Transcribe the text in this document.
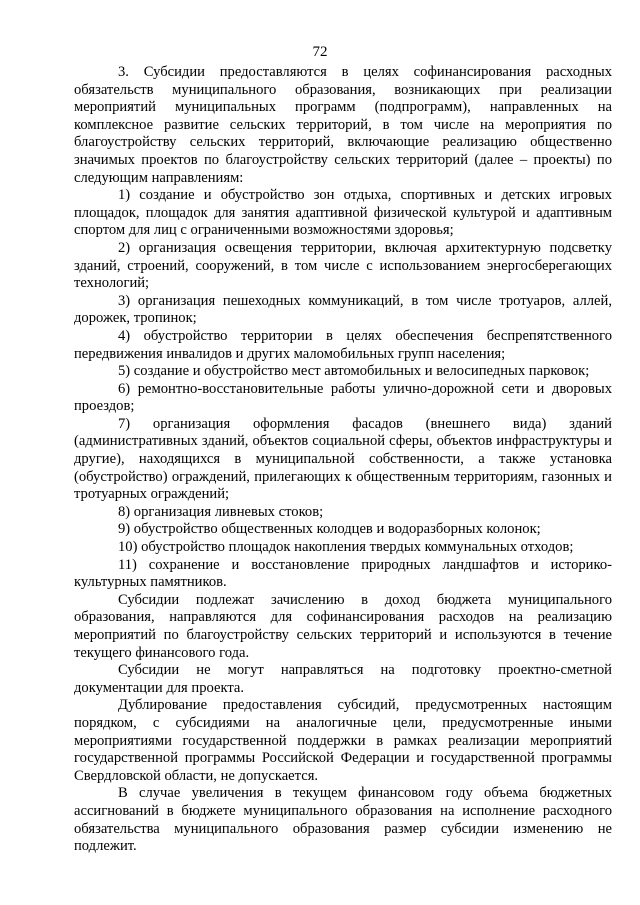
72

3. Субсидии предоставляются в целях софинансирования расходных обязательств муниципального образования, возникающих при реализации мероприятий муниципальных программ (подпрограмм), направленных на комплексное развитие сельских территорий, в том числе на мероприятия по благоустройству сельских территорий, включающие реализацию общественно значимых проектов по благоустройству сельских территорий (далее – проекты) по следующим направлениям:

1) создание и обустройство зон отдыха, спортивных и детских игровых площадок, площадок для занятия адаптивной физической культурой и адаптивным спортом для лиц с ограниченными возможностями здоровья;

2) организация освещения территории, включая архитектурную подсветку зданий, строений, сооружений, в том числе с использованием энергосберегающих технологий;

3) организация пешеходных коммуникаций, в том числе тротуаров, аллей, дорожек, тропинок;

4) обустройство территории в целях обеспечения беспрепятственного передвижения инвалидов и других маломобильных групп населения;

5) создание и обустройство мест автомобильных и велосипедных парковок;

6) ремонтно-восстановительные работы улично-дорожной сети и дворовых проездов;

7) организация оформления фасадов (внешнего вида) зданий (административных зданий, объектов социальной сферы, объектов инфраструктуры и другие), находящихся в муниципальной собственности, а также установка (обустройство) ограждений, прилегающих к общественным территориям, газонных и тротуарных ограждений;

8) организация ливневых стоков;

9) обустройство общественных колодцев и водоразборных колонок;

10) обустройство площадок накопления твердых коммунальных отходов;

11) сохранение и восстановление природных ландшафтов и историко-культурных памятников.

Субсидии подлежат зачислению в доход бюджета муниципального образования, направляются для софинансирования расходов на реализацию мероприятий по благоустройству сельских территорий и используются в течение текущего финансового года.

Субсидии не могут направляться на подготовку проектно-сметной документации для проекта.

Дублирование предоставления субсидий, предусмотренных настоящим порядком, с субсидиями на аналогичные цели, предусмотренные иными мероприятиями государственной поддержки в рамках реализации мероприятий государственной программы Российской Федерации и государственной программы Свердловской области, не допускается.

В случае увеличения в текущем финансовом году объема бюджетных ассигнований в бюджете муниципального образования на исполнение расходного обязательства муниципального образования размер субсидии изменению не подлежит.
